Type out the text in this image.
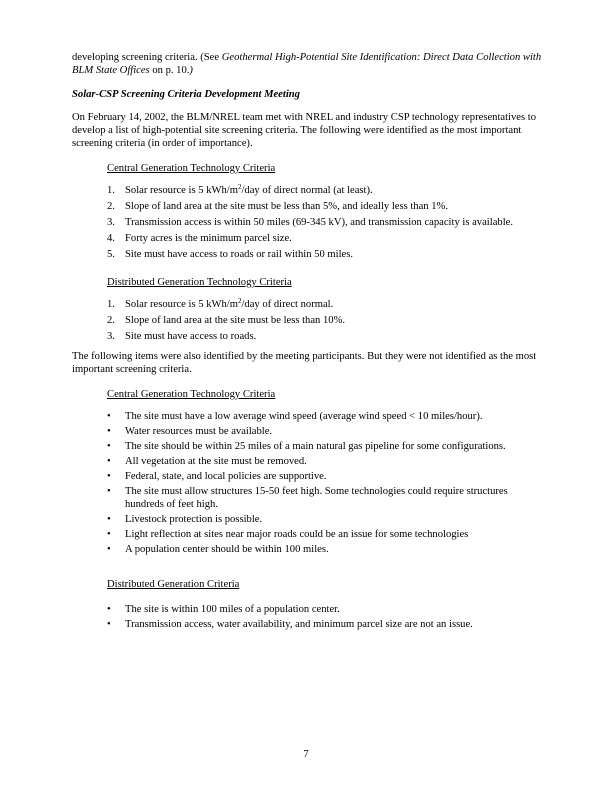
developing screening criteria. (See Geothermal High-Potential Site Identification: Direct Data Collection with BLM State Offices on p. 10.)
Solar-CSP Screening Criteria Development Meeting
On February 14, 2002, the BLM/NREL team met with NREL and industry CSP technology representatives to develop a list of high-potential site screening criteria. The following were identified as the most important screening criteria (in order of importance).
Central Generation Technology Criteria
1. Solar resource is 5 kWh/$m^2$/day of direct normal (at least).
2. Slope of land area at the site must be less than 5%, and ideally less than 1%.
3. Transmission access is within 50 miles (69-345 kV), and transmission capacity is available.
4. Forty acres is the minimum parcel size.
5. Site must have access to roads or rail within 50 miles.
Distributed Generation Technology Criteria
1. Solar resource is 5 kWh/$m^2$/day of direct normal.
2. Slope of land area at the site must be less than 10%.
3. Site must have access to roads.
The following items were also identified by the meeting participants. But they were not identified as the most important screening criteria.
Central Generation Technology Criteria
• The site must have a low average wind speed (average wind speed < 10 miles/hour).
• Water resources must be available.
• The site should be within 25 miles of a main natural gas pipeline for some configurations.
• All vegetation at the site must be removed.
• Federal, state, and local policies are supportive.
• The site must allow structures 15-50 feet high. Some technologies could require structures hundreds of feet high.
• Livestock protection is possible.
• Light reflection at sites near major roads could be an issue for some technologies
• A population center should be within 100 miles.
Distributed Generation Criteria
• The site is within 100 miles of a population center.
• Transmission access, water availability, and minimum parcel size are not an issue.
7
